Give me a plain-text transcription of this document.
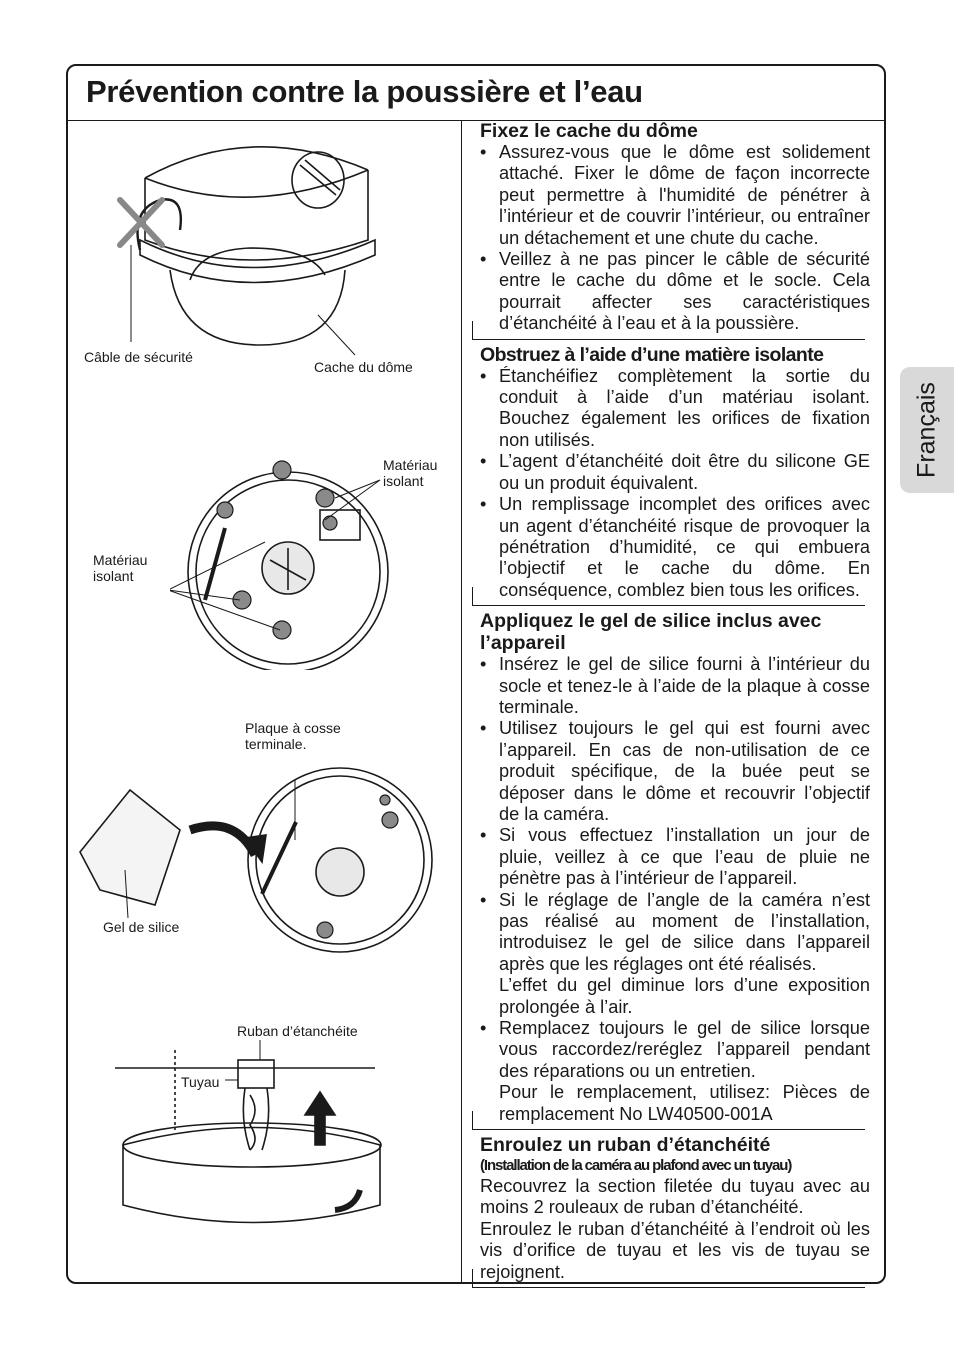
Prévention contre la poussière et l’eau
Français
Câble de sécurité
Cache du dôme
Matériau
isolant
Matériau
isolant
Plaque à cosse
terminale.
Gel de silice
Ruban d’étanchéite
Tuyau
Fixez le cache du dôme
• Assurez-vous que le dôme est solidement attaché. Fixer le dôme de façon incorrecte peut permettre à l'humidité de pénétrer à l’intérieur et de couvrir l’intérieur, ou entraîner un détachement et une chute du cache.
• Veillez à ne pas pincer le câble de sécurité entre le cache du dôme et le socle. Cela pourrait affecter ses caractéristiques d’étanchéité à l’eau et à la poussière.
Obstruez à l’aide d’une matière isolante
• Étanchéifiez complètement la sortie du conduit à l’aide d’un matériau isolant. Bouchez également les orifices de fixation non utilisés.
• L’agent d’étanchéité doit être du silicone GE ou un produit équivalent.
• Un remplissage incomplet des orifices avec un agent d’étanchéité risque de provoquer la pénétration d’humidité, ce qui embuera l’objectif et le cache du dôme. En conséquence, comblez bien tous les orifices.
Appliquez le gel de silice inclus avec l’appareil
• Insérez le gel de silice fourni à l’intérieur du socle et tenez-le à l’aide de la plaque à cosse terminale.
• Utilisez toujours le gel qui est fourni avec l’appareil. En cas de non-utilisation de ce produit spécifique, de la buée peut se déposer dans le dôme et recouvrir l’objectif de la caméra.
• Si vous effectuez l’installation un jour de pluie, veillez à ce que l’eau de pluie ne pénètre pas à l’intérieur de l’appareil.
• Si le réglage de l’angle de la caméra n’est pas réalisé au moment de l’installation, introduisez le gel de silice dans l’appareil après que les réglages ont été réalisés.
L’effet du gel diminue lors d’une exposition prolongée à l’air.
• Remplacez toujours le gel de silice lorsque vous raccordez/reréglez l’appareil pendant des réparations ou un entretien.
Pour le remplacement, utilisez: Pièces de remplacement No LW40500-001A
Enroulez un ruban d’étanchéité
(Installation de la caméra au plafond avec un tuyau)

Recouvrez la section filetée du tuyau avec au moins 2 rouleaux de ruban d’étanchéité.

Enroulez le ruban d’étanchéité à l’endroit où les vis d’orifice de tuyau et les vis de tuyau se rejoignent.
